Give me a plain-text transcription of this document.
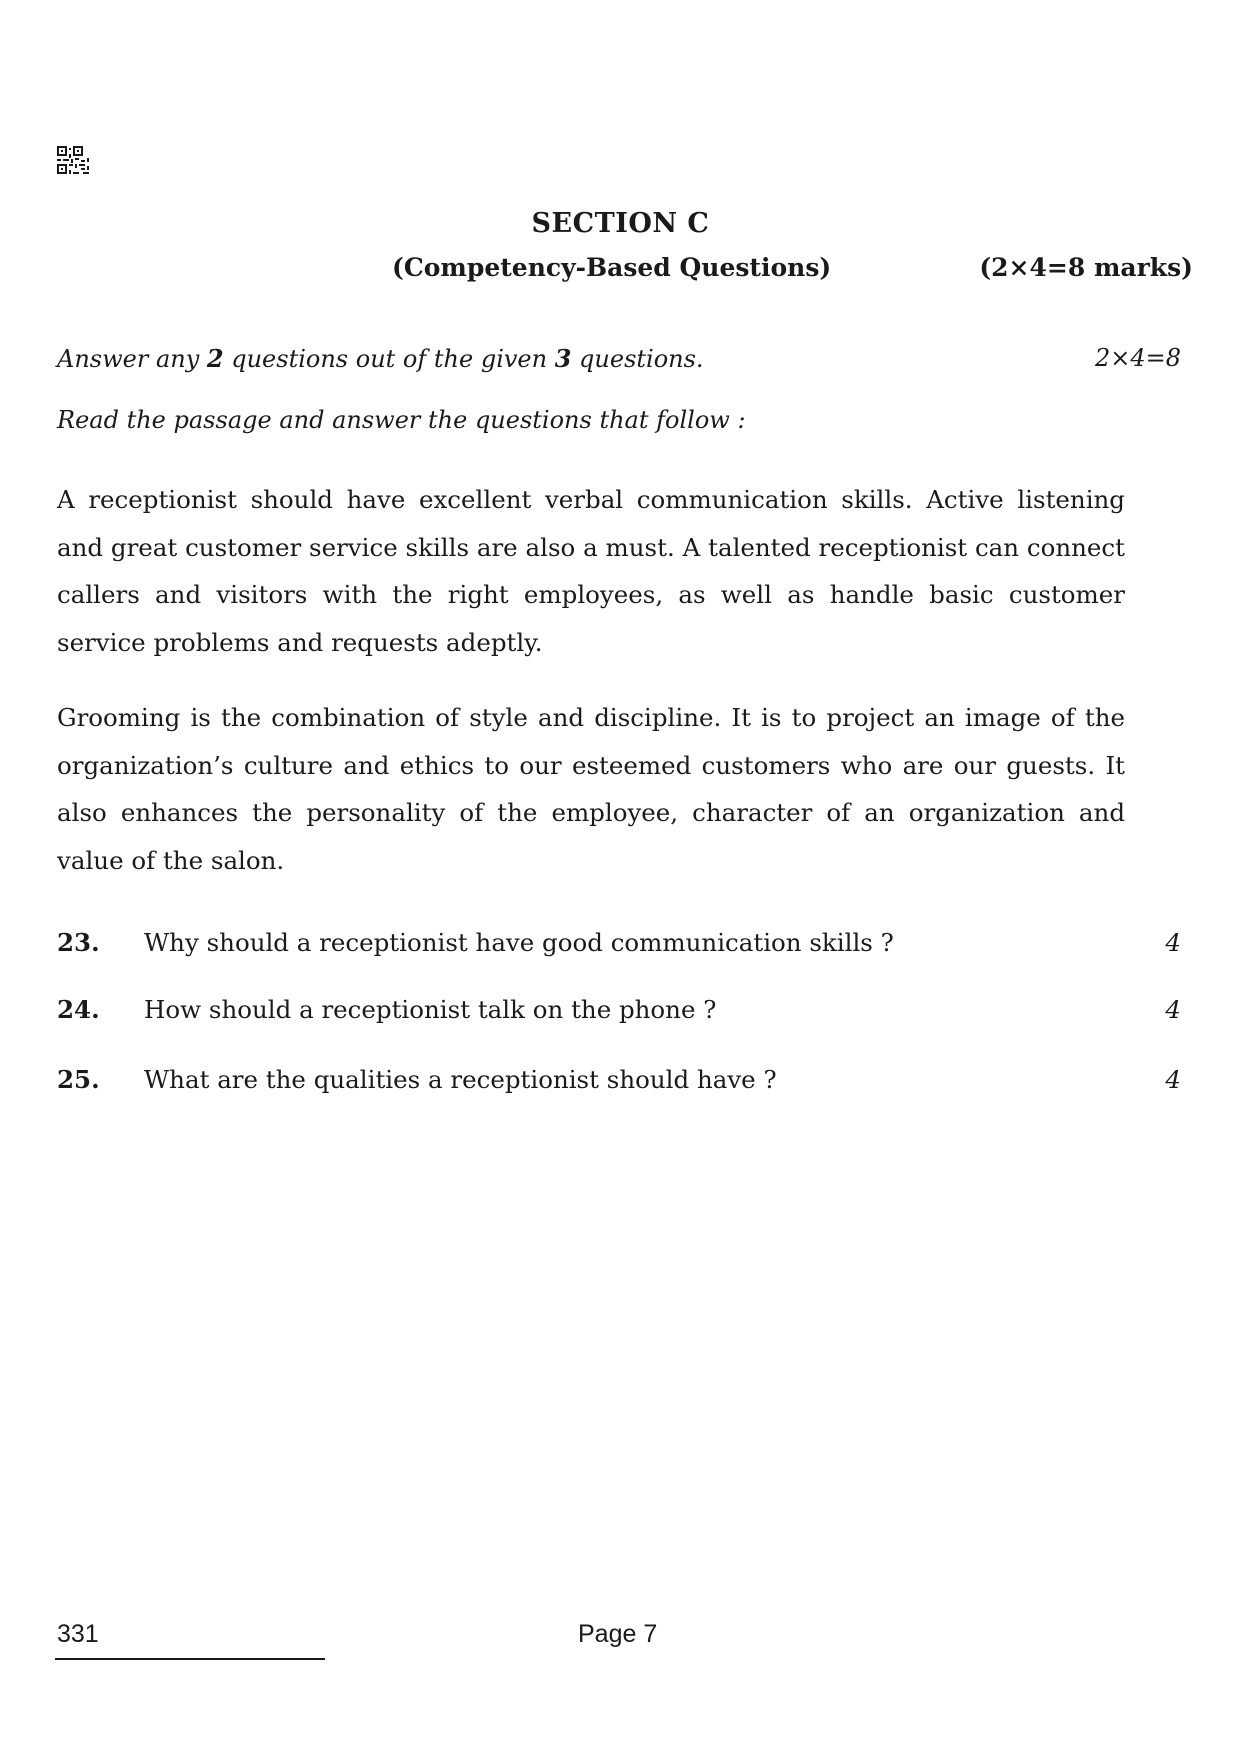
SECTION C
(Competency-Based Questions)	(2×4=8 marks)
Answer any 2 questions out of the given 3 questions.	2×4=8
Read the passage and answer the questions that follow :

A receptionist should have excellent verbal communication skills. Active listening and great customer service skills are also a must. A talented receptionist can connect callers and visitors with the right employees, as well as handle basic customer service problems and requests adeptly.

Grooming is the combination of style and discipline. It is to project an image of the organization’s culture and ethics to our esteemed customers who are our guests. It also enhances the personality of the employee, character of an organization and value of the salon.

23. Why should a receptionist have good communication skills ?	4
24. How should a receptionist talk on the phone ?	4
25. What are the qualities a receptionist should have ?	4
331	Page 7
